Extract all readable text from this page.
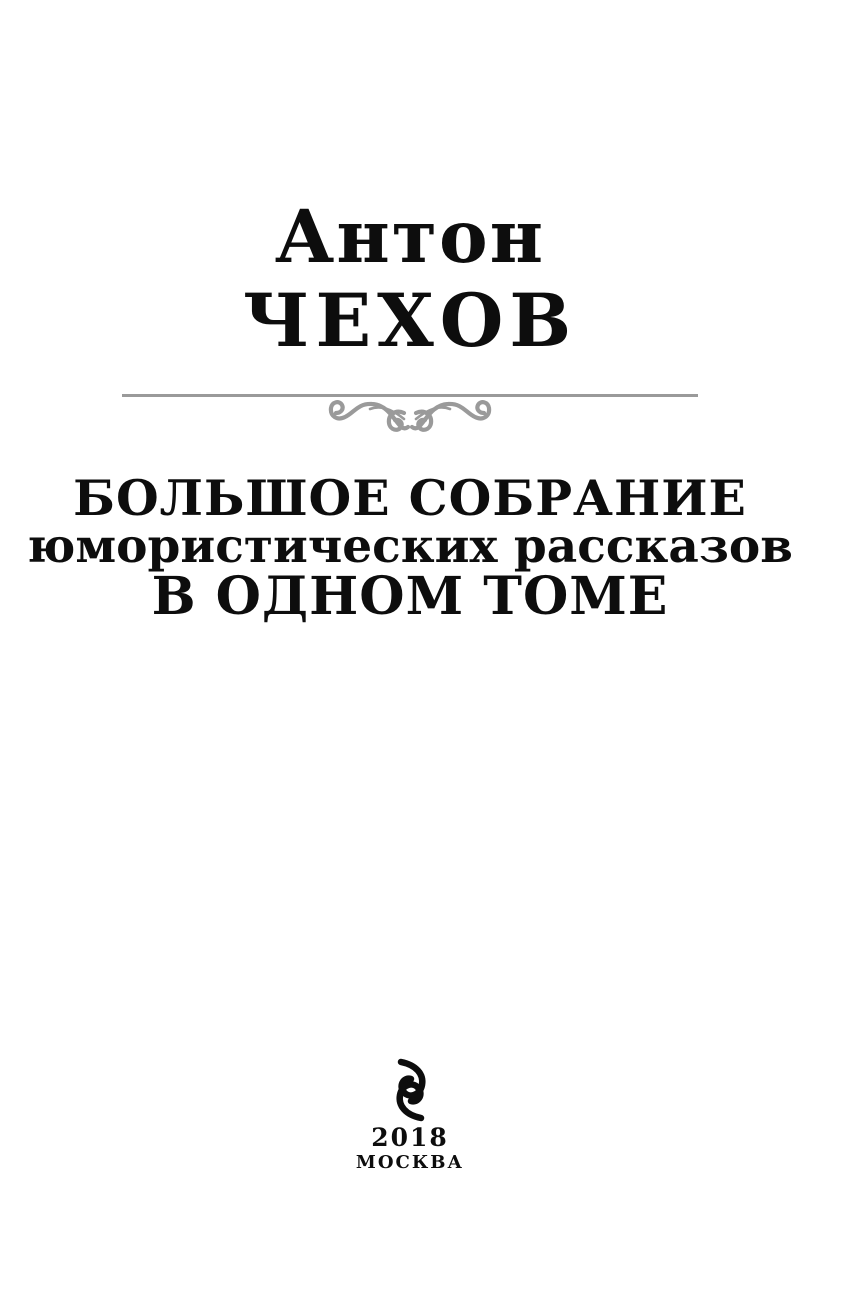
Антон
ЧЕХОВ
БОЛЬШОЕ СОБРАНИЕ
юмористических рассказов
В ОДНОМ ТОМЕ
2018
МОСКВА
